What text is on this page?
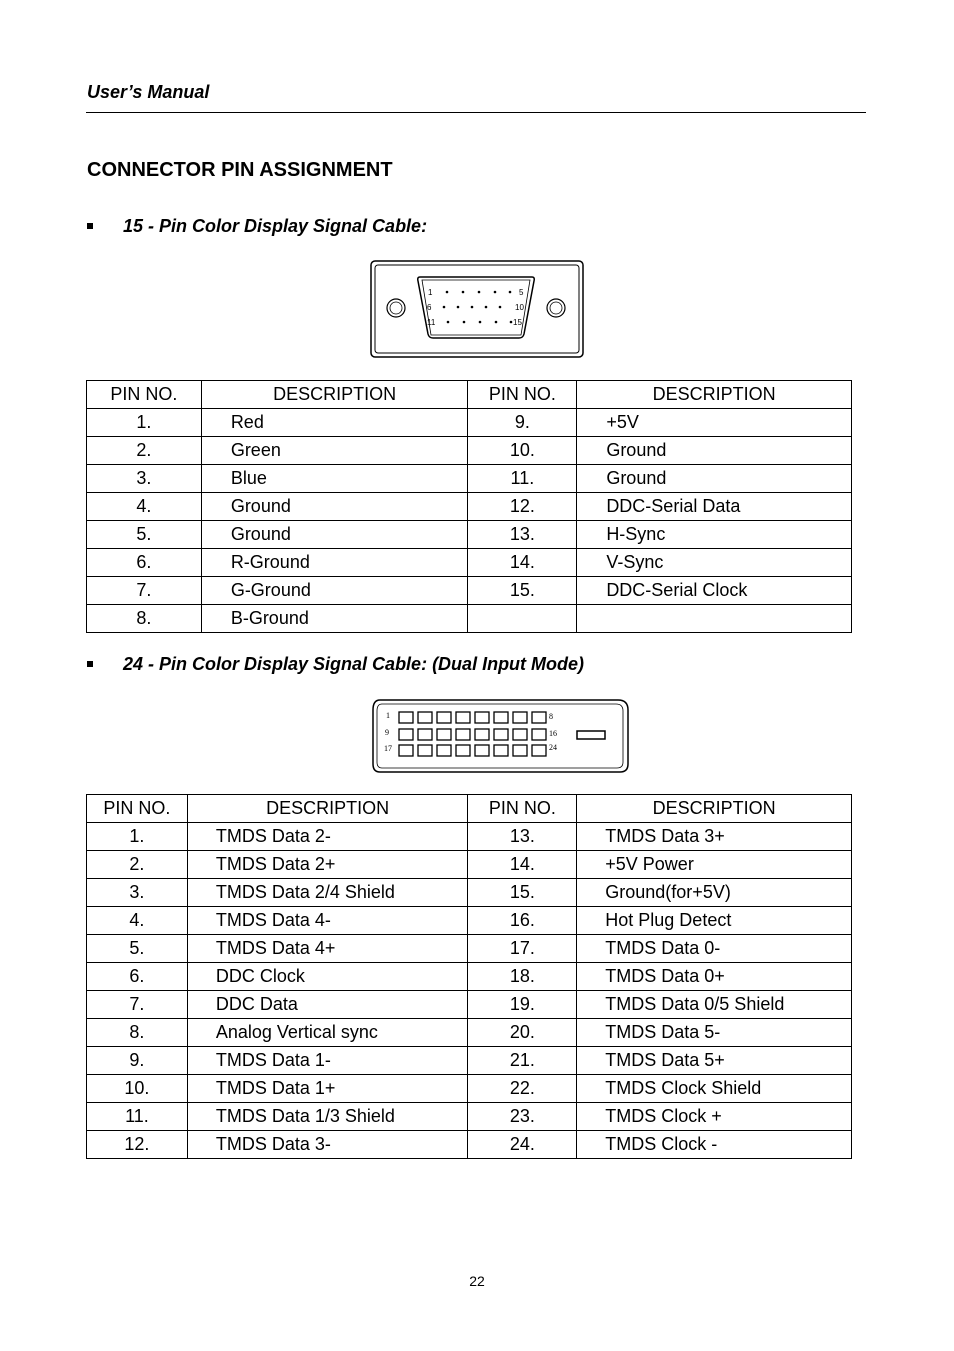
User’s Manual
CONNECTOR PIN ASSIGNMENT
15 - Pin Color Display Signal Cable:
1	5
6	10
11	15
PIN NO.	DESCRIPTION	PIN NO.	DESCRIPTION
1.	Red	9.	+5V
2.	Green	10.	Ground
3.	Blue	11.	Ground
4.	Ground	12.	DDC-Serial Data
5.	Ground	13.	H-Sync
6.	R-Ground	14.	V-Sync
7.	G-Ground	15.	DDC-Serial Clock
8.	B-Ground		
24 - Pin Color Display Signal Cable: (Dual Input Mode)
1	8
9	16
17	24
PIN NO.	DESCRIPTION	PIN NO.	DESCRIPTION
1.	TMDS Data 2-	13.	TMDS Data 3+
2.	TMDS Data 2+	14.	+5V Power
3.	TMDS Data 2/4 Shield	15.	Ground(for+5V)
4.	TMDS Data 4-	16.	Hot Plug Detect
5.	TMDS Data 4+	17.	TMDS Data 0-
6.	DDC Clock	18.	TMDS Data 0+
7.	DDC Data	19.	TMDS Data 0/5 Shield
8.	Analog Vertical sync	20.	TMDS Data 5-
9.	TMDS Data 1-	21.	TMDS Data 5+
10.	TMDS Data 1+	22.	TMDS Clock Shield
11.	TMDS Data 1/3 Shield	23.	TMDS Clock +
12.	TMDS Data 3-	24.	TMDS Clock -
22
